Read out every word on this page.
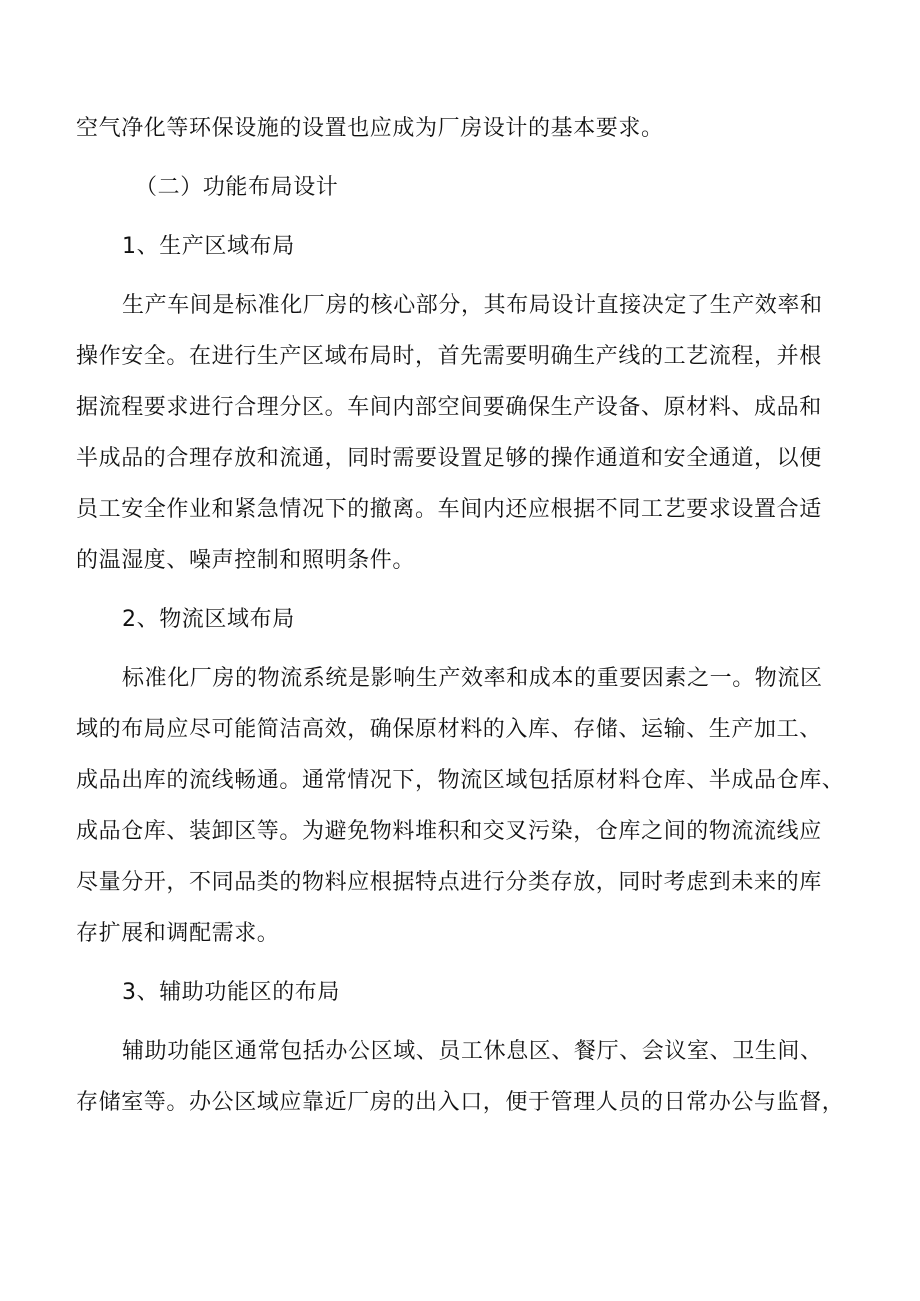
空气净化等环保设施的设置也应成为厂房设计的基本要求。
（二）功能布局设计
1、生产区域布局
生产车间是标准化厂房的核心部分，其布局设计直接决定了生产效率和
操作安全。在进行生产区域布局时，首先需要明确生产线的工艺流程，并根
据流程要求进行合理分区。车间内部空间要确保生产设备、原材料、成品和
半成品的合理存放和流通，同时需要设置足够的操作通道和安全通道，以便
员工安全作业和紧急情况下的撤离。车间内还应根据不同工艺要求设置合适
的温湿度、噪声控制和照明条件。
2、物流区域布局
标准化厂房的物流系统是影响生产效率和成本的重要因素之一。物流区
域的布局应尽可能简洁高效，确保原材料的入库、存储、运输、生产加工、
成品出库的流线畅通。通常情况下，物流区域包括原材料仓库、半成品仓库、
成品仓库、装卸区等。为避免物料堆积和交叉污染，仓库之间的物流流线应
尽量分开，不同品类的物料应根据特点进行分类存放，同时考虑到未来的库
存扩展和调配需求。
3、辅助功能区的布局
辅助功能区通常包括办公区域、员工休息区、餐厅、会议室、卫生间、
存储室等。办公区域应靠近厂房的出入口，便于管理人员的日常办公与监督，
